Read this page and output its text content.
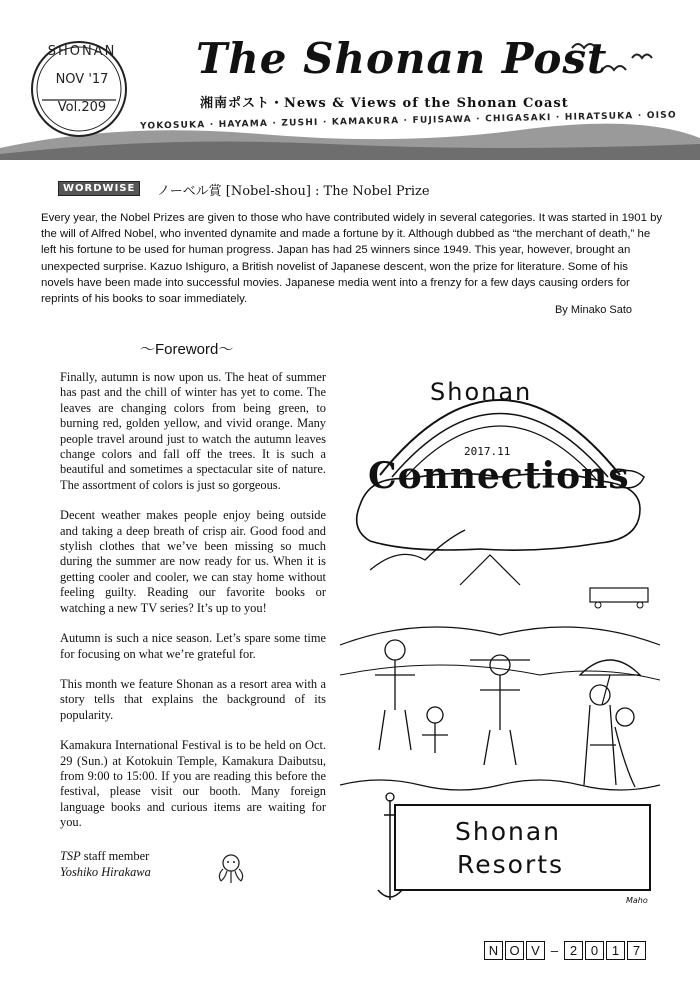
SHONAN
NOV '17
Vol.209
The Shonan Post
湘南ポスト・News & Views of the Shonan Coast
YOKOSUKA · HAYAMA · ZUSHI · KAMAKURA · FUJISAWA · CHIGASAKI · HIRATSUKA · OISO
WORDWISE	ノーベル賞 [Nobel-shou] : The Nobel Prize
Every year, the Nobel Prizes are given to those who have contributed widely in several categories. It was started in 1901 by the will of Alfred Nobel, who invented dynamite and made a fortune by it. Although dubbed as “the merchant of death,” he left his fortune to be used for human progress. Japan has had 25 winners since 1949. This year, however, brought an unexpected surprise. Kazuo Ishiguro, a British novelist of Japanese descent, won the prize for literature. Some of his novels have been made into successful movies. Japanese media went into a frenzy for a few days causing orders for reprints of his books to soar immediately.
By Minako Sato
～Foreword～

Finally, autumn is now upon us. The heat of summer has past and the chill of winter has yet to come. The leaves are changing colors from being green, to burning red, golden yellow, and vivid orange. Many people travel around just to watch the autumn leaves change colors and fall off the trees. It is such a beautiful and sometimes a spectacular site of nature. The assortment of colors is just so gorgeous.

Decent weather makes people enjoy being outside and taking a deep breath of crisp air. Good food and stylish clothes that we’ve been missing so much during the summer are now ready for us. When it is getting cooler and cooler, we can stay home without feeling guilty. Reading our favorite books or watching a new TV series? It’s up to you!

Autumn is such a nice season. Let’s spare some time for focusing on what we’re grateful for.

This month we feature Shonan as a resort area with a story tells that explains the background of its popularity.

Kamakura International Festival is to be held on Oct. 29 (Sun.) at Kotokuin Temple, Kamakura Daibutsu, from 9:00 to 15:00. If you are reading this before the festival, please visit our booth. Many foreign language books and curious items are waiting for you.

TSP staff member
Yoshiko Hirakawa
Shonan
2017.11
Connections
Shonan
Resorts
Maho
N O V – 2	0	1	7
